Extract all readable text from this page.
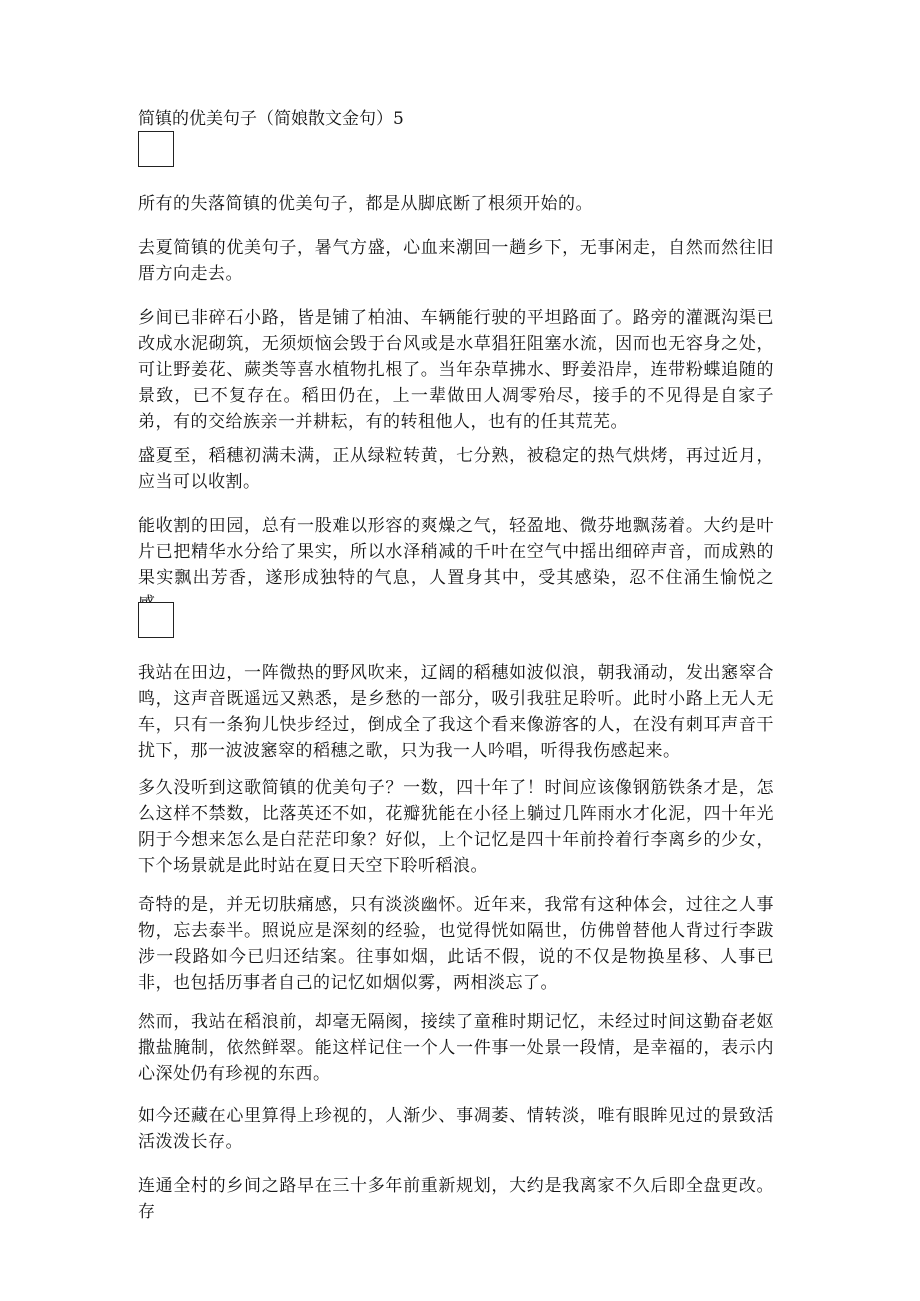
简镇的优美句子（简娘散文金句）5

所有的失落简镇的优美句子，都是从脚底断了根须开始的。

去夏简镇的优美句子，暑气方盛，心血来潮回一趟乡下，无事闲走，自然而然往旧厝方向走去。

乡间已非碎石小路，皆是铺了柏油、车辆能行驶的平坦路面了。路旁的灌溉沟渠已改成水泥砌筑，无须烦恼会毁于台风或是水草猖狂阻塞水流，因而也无容身之处，可让野姜花、蕨类等喜水植物扎根了。当年杂草拂水、野姜沿岸，连带粉蝶追随的景致，已不复存在。稻田仍在，上一辈做田人凋零殆尽，接手的不见得是自家子弟，有的交给族亲一并耕耘，有的转租他人，也有的任其荒芜。

盛夏至，稻穗初满未满，正从绿粒转黄，七分熟，被稳定的热气烘烤，再过近月，应当可以收割。

能收割的田园，总有一股难以形容的爽燥之气，轻盈地、微芬地飘荡着。大约是叶片已把精华水分给了果实，所以水泽稍减的千叶在空气中摇出细碎声音，而成熟的果实飘出芳香，遂形成独特的气息，人置身其中，受其感染，忍不住涌生愉悦之

我站在田边，一阵微热的野风吹来，辽阔的稻穗如波似浪，朝我涌动，发出窸窣合鸣，这声音既遥远又熟悉，是乡愁的一部分，吸引我驻足聆听。此时小路上无人无车，只有一条狗儿快步经过，倒成全了我这个看来像游客的人，在没有刺耳声音干扰下，那一波波窸窣的稻穗之歌，只为我一人吟唱，听得我伤感起来。

多久没听到这歌简镇的优美句子？一数，四十年了！时间应该像钢筋铁条才是，怎么这样不禁数，比落英还不如，花瓣犹能在小径上躺过几阵雨水才化泥，四十年光阴于今想来怎么是白茫茫印象？好似，上个记忆是四十年前拎着行李离乡的少女，下个场景就是此时站在夏日天空下聆听稻浪。

奇特的是，并无切肤痛感，只有淡淡幽怀。近年来，我常有这种体会，过往之人事物，忘去泰半。照说应是深刻的经验，也觉得恍如隔世，仿佛曾替他人背过行李跋涉一段路如今已归还结案。往事如烟，此话不假，说的不仅是物换星移、人事已非，也包括历事者自己的记忆如烟似雾，两相淡忘了。

然而，我站在稻浪前，却毫无隔阂，接续了童稚时期记忆，未经过时间这勤奋老妪撒盐腌制，依然鲜翠。能这样记住一个人一件事一处景一段情，是幸福的，表示内心深处仍有珍视的东西。

如今还藏在心里算得上珍视的，人渐少、事凋萎、情转淡，唯有眼眸见过的景致活活泼泼长存。

连通全村的乡间之路早在三十多年前重新规划，大约是我离家不久后即全盘更改。存
